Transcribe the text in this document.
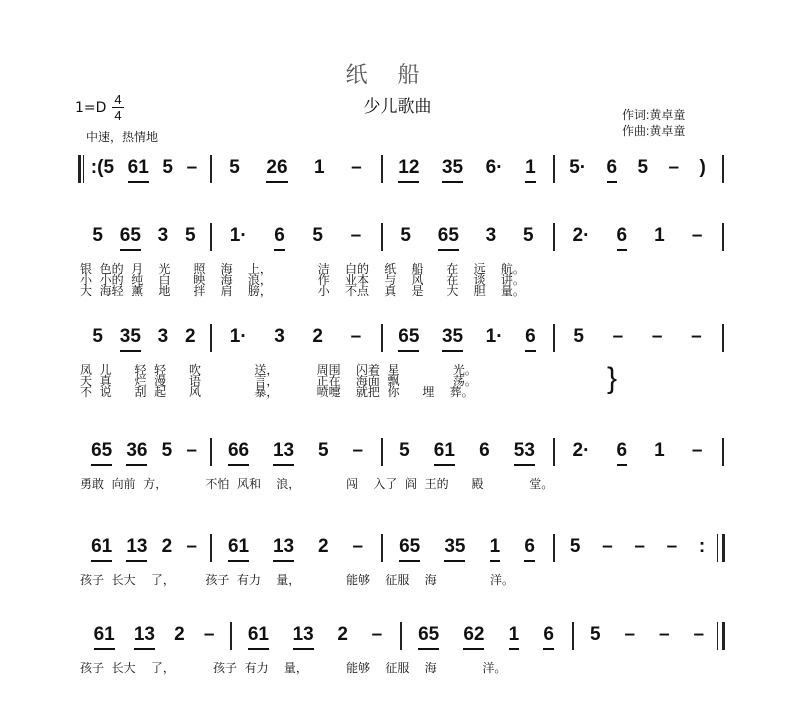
纸船
少儿歌曲
$1=D \frac{4}{4}$
中速，热情地
作词:黄卓童
作曲:黄卓童
:(5 61 5 – 5 26 1 – 12 35 6· 1 5· 6 5 – )
5 65 3 5 1· 6 5 – 5 65 3 5 2· 6 1 –
银  色的  月    光      照    海    上，            洁    白的    纸    船      在    远    航。
小  小的  纯    白      映    海    浪，            作    业本    与    风      在    谈    讲。
大  海轻  薰    地      拌    肩    膀，            小    不点    真    是      大    胆    量。
5 35 3 2 1· 3 2 – 65 35 1· 6 5 – – –
凤  儿      轻  轻      吹              送，          周围    闪着  星              光。
天  真      烂  漫      语              言，          正在    海面  飘              荡。
不  说      刮  起      风              暴，          喷嚏    就把  你      埋    葬。
65 36 5 – 66 13 5 – 5 61 6 53 2· 6 1 –
勇敢  向前  方，          不怕  风和    浪，            闯    入了  阎  王的      殿            堂。
61 13 2 – 61 13 2 – 65 35 1 6 5 – – – :
孩子  长大    了，        孩子  有力    量，            能够    征服    海              洋。
61 13 2 – 61 13 2 – 65 62 1 6 5 – – –
孩子  长大    了，          孩子  有力    量，          能够    征服    海            洋。
}
